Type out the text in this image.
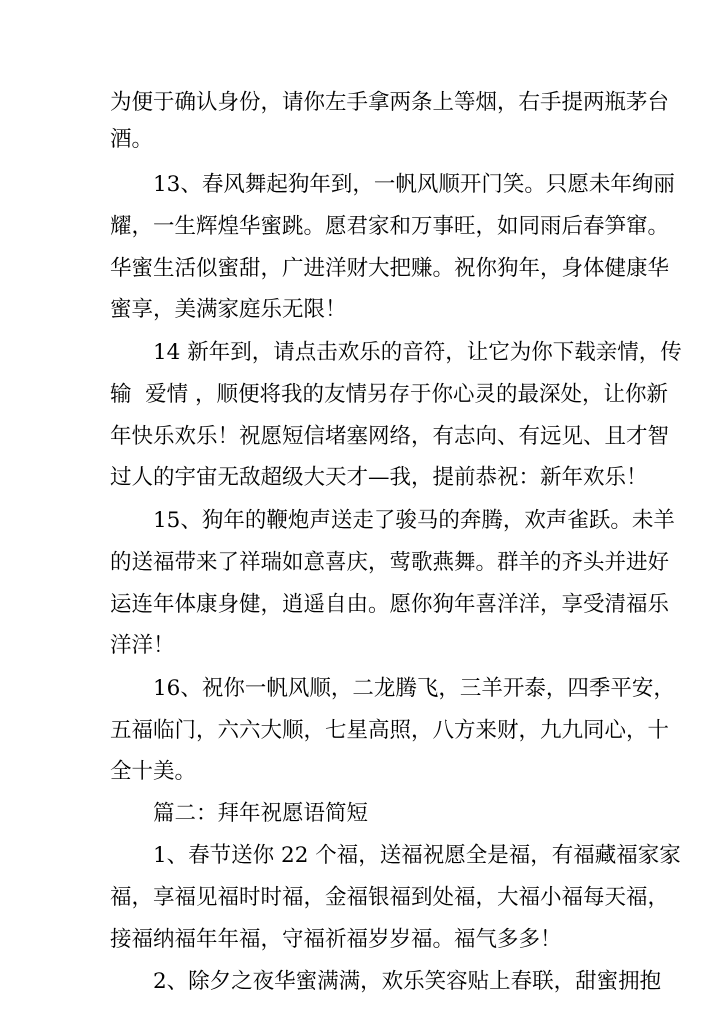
为便于确认身份，请你左手拿两条上等烟，右手提两瓶茅台
酒。
　　13、春风舞起狗年到，一帆风顺开门笑。只愿未年绚丽
耀，一生辉煌华蜜跳。愿君家和万事旺，如同雨后春笋窜。
华蜜生活似蜜甜，广进洋财大把赚。祝你狗年，身体健康华
蜜享，美满家庭乐无限！
　　14 新年到，请点击欢乐的音符，让它为你下载亲情，传
输  爱情 ，顺便将我的友情另存于你心灵的最深处，让你新
年快乐欢乐！祝愿短信堵塞网络，有志向、有远见、且才智
过人的宇宙无敌超级大天才—我，提前恭祝：新年欢乐！
　　15、狗年的鞭炮声送走了骏马的奔腾，欢声雀跃。未羊
的送福带来了祥瑞如意喜庆，莺歌燕舞。群羊的齐头并进好
运连年体康身健，逍遥自由。愿你狗年喜洋洋，享受清福乐
洋洋！
　　16、祝你一帆风顺，二龙腾飞，三羊开泰，四季平安，
五福临门，六六大顺，七星高照，八方来财，九九同心，十
全十美。
　　篇二：拜年祝愿语简短
　　1、春节送你 22 个福，送福祝愿全是福，有福藏福家家
福，享福见福时时福，金福银福到处福，大福小福每天福，
接福纳福年年福，守福祈福岁岁福。福气多多！
　　2、除夕之夜华蜜满满，欢乐笑容贴上春联，甜蜜拥抱
